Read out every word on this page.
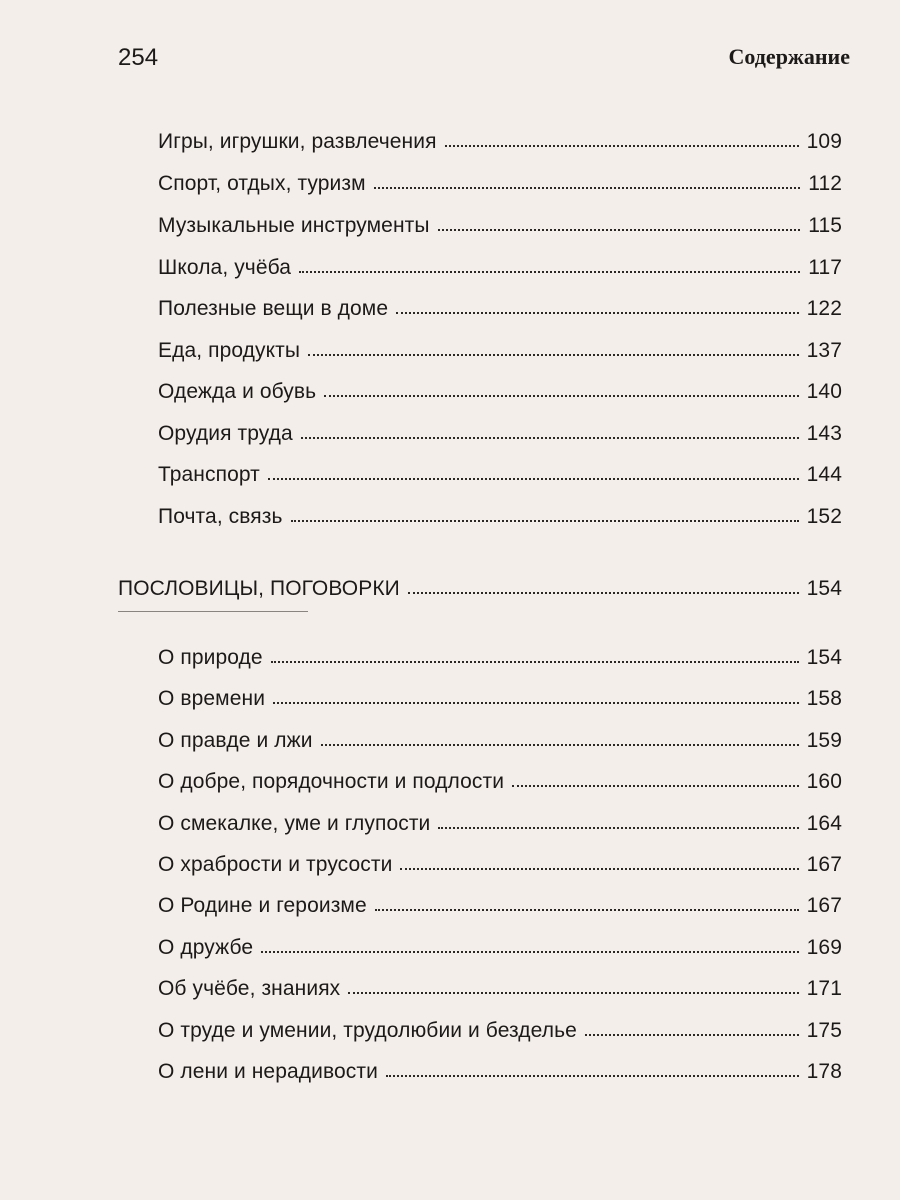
254	Содержание
Игры, игрушки, развлечения	109
Спорт, отдых, туризм	112
Музыкальные инструменты	115
Школа, учёба	117
Полезные вещи в доме	122
Еда, продукты	137
Одежда и обувь	140
Орудия труда	143
Транспорт	144
Почта, связь	152
ПОСЛОВИЦЫ, ПОГОВОРКИ	154
О природе	154
О времени	158
О правде и лжи	159
О добре, порядочности и подлости	160
О смекалке, уме и глупости	164
О храбрости и трусости	167
О Родине и героизме	167
О дружбе	169
Об учёбе, знаниях	171
О труде и умении, трудолюбии и безделье	175
О лени и нерадивости	178
